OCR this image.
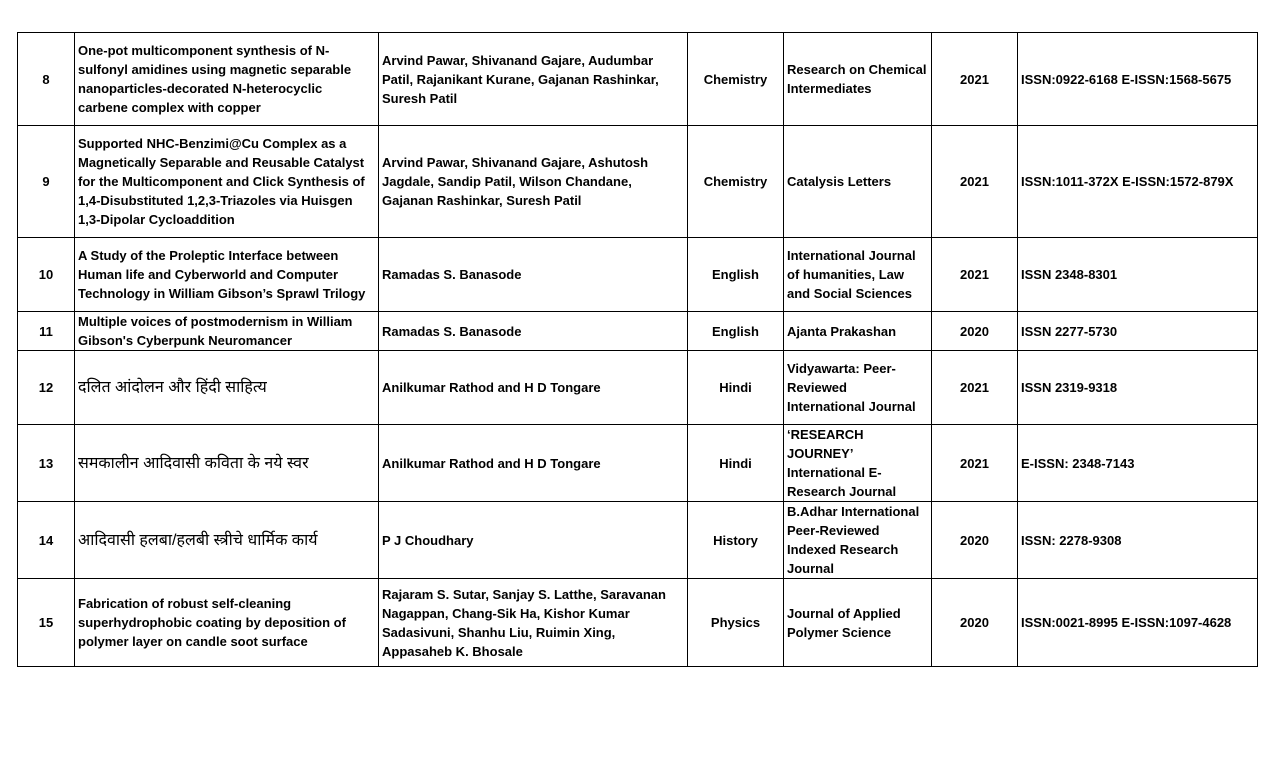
8	One-pot multicomponent synthesis of N-sulfonyl amidines using magnetic separable nanoparticles-decorated N-heterocyclic carbene complex with copper	Arvind Pawar, Shivanand Gajare, Audumbar Patil, Rajanikant Kurane, Gajanan Rashinkar, Suresh Patil	Chemistry	Research on Chemical Intermediates	2021	ISSN:0922-6168 E-ISSN:1568-5675
9	Supported NHC-Benzimi@Cu Complex as a Magnetically Separable and Reusable Catalyst for the Multicomponent and Click Synthesis of 1,4-Disubstituted 1,2,3-Triazoles via Huisgen 1,3-Dipolar Cycloaddition	Arvind Pawar, Shivanand Gajare, Ashutosh Jagdale, Sandip Patil, Wilson Chandane, Gajanan Rashinkar, Suresh Patil	Chemistry	Catalysis Letters	2021	ISSN:1011-372X E-ISSN:1572-879X
10	A Study of the Proleptic Interface between Human life and Cyberworld and Computer Technology in William Gibson’s Sprawl Trilogy	Ramadas S. Banasode	English	International Journal of humanities, Law and Social Sciences	2021	ISSN 2348-8301
11	Multiple voices of postmodernism in William Gibson's Cyberpunk Neuromancer	Ramadas S. Banasode	English	Ajanta Prakashan	2020	ISSN 2277-5730
12	दलित आंदोलन और हिंदी साहित्य	Anilkumar Rathod and H D Tongare	Hindi	Vidyawarta: Peer-Reviewed International Journal	2021	ISSN 2319-9318
13	समकालीन आदिवासी कविता के नये स्वर	Anilkumar Rathod and H D Tongare	Hindi	‘RESEARCH JOURNEY’ International E-Research Journal	2021	E-ISSN: 2348-7143
14	आदिवासी हलबा/हलबी स्त्रीचे धार्मिक कार्य	P J Choudhary	History	B.Adhar International Peer-Reviewed Indexed Research Journal	2020	ISSN: 2278-9308
15	Fabrication of robust self-cleaning superhydrophobic coating by deposition of polymer layer on candle soot surface	Rajaram S. Sutar, Sanjay S. Latthe, Saravanan Nagappan, Chang-Sik Ha, Kishor Kumar Sadasivuni, Shanhu Liu, Ruimin Xing, Appasaheb K. Bhosale	Physics	Journal of Applied Polymer Science	2020	ISSN:0021-8995 E-ISSN:1097-4628
